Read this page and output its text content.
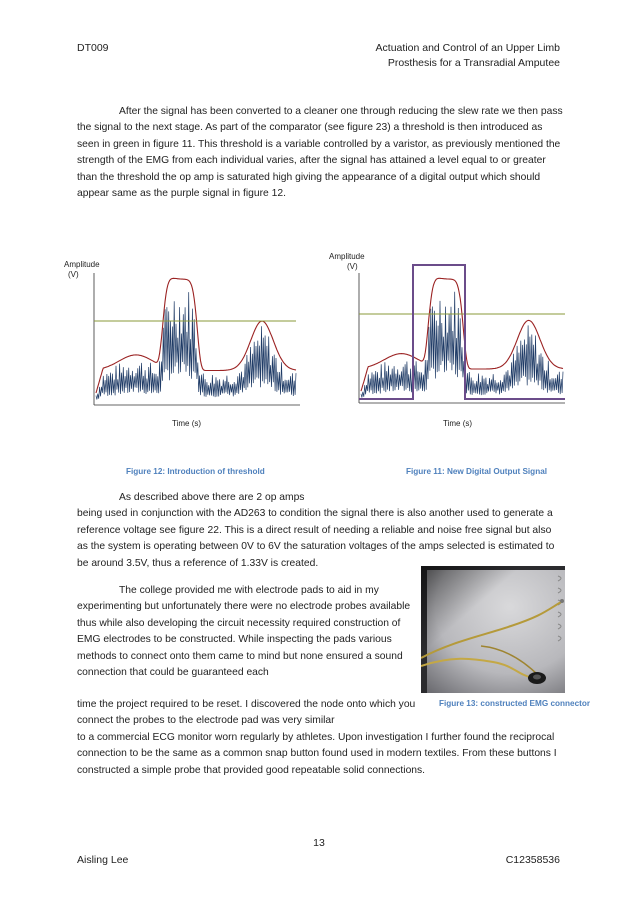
DT009	Actuation and Control of an Upper Limb
Prosthesis for a Transradial Amputee
After the signal has been converted to a cleaner one through reducing the slew rate we then pass the signal to the next stage. As part of the comparator (see figure 23) a threshold is then introduced as seen in green in figure 11. This threshold is a variable controlled by a varistor, as previously mentioned the strength of the EMG from each individual varies, after the signal has attained a level equal to or greater than the threshold the op amp is saturated high giving the appearance of a digital output which should appear same as the purple signal in figure 12.
Amplitude
(V)
Time (s)
Amplitude
(V)
Time (s)
Figure 12: Introduction of threshold	Figure 11: New Digital Output Signal
As described above there are 2 op amps
being used in conjunction with the AD263 to condition the signal there is also another used to generate a reference voltage see figure 22. This is a direct result of needing a reliable and noise free signal but also as the system is operating between 0V to 6V the saturation voltages of the amps selected is estimated to be around 3.5V, thus a reference of 1.33V is created.
The college provided me with electrode pads to aid in my experimenting but unfortunately there were no electrode probes available thus while also developing the circuit necessity required construction of EMG electrodes to be constructed. While inspecting the pads various methods to connect onto them came to mind but none ensured a sound connection that could be guaranteed each
time the project required to be reset. I discovered the node onto which you connect the probes to the electrode pad was very similar
to a commercial ECG monitor worn regularly by athletes. Upon investigation I further found the reciprocal connection to be the same as a common snap button found used in modern textiles. From these buttons I constructed a simple probe that provided good repeatable solid connections.
Figure 13: constructed EMG connector
13
Aisling Lee	C12358536
